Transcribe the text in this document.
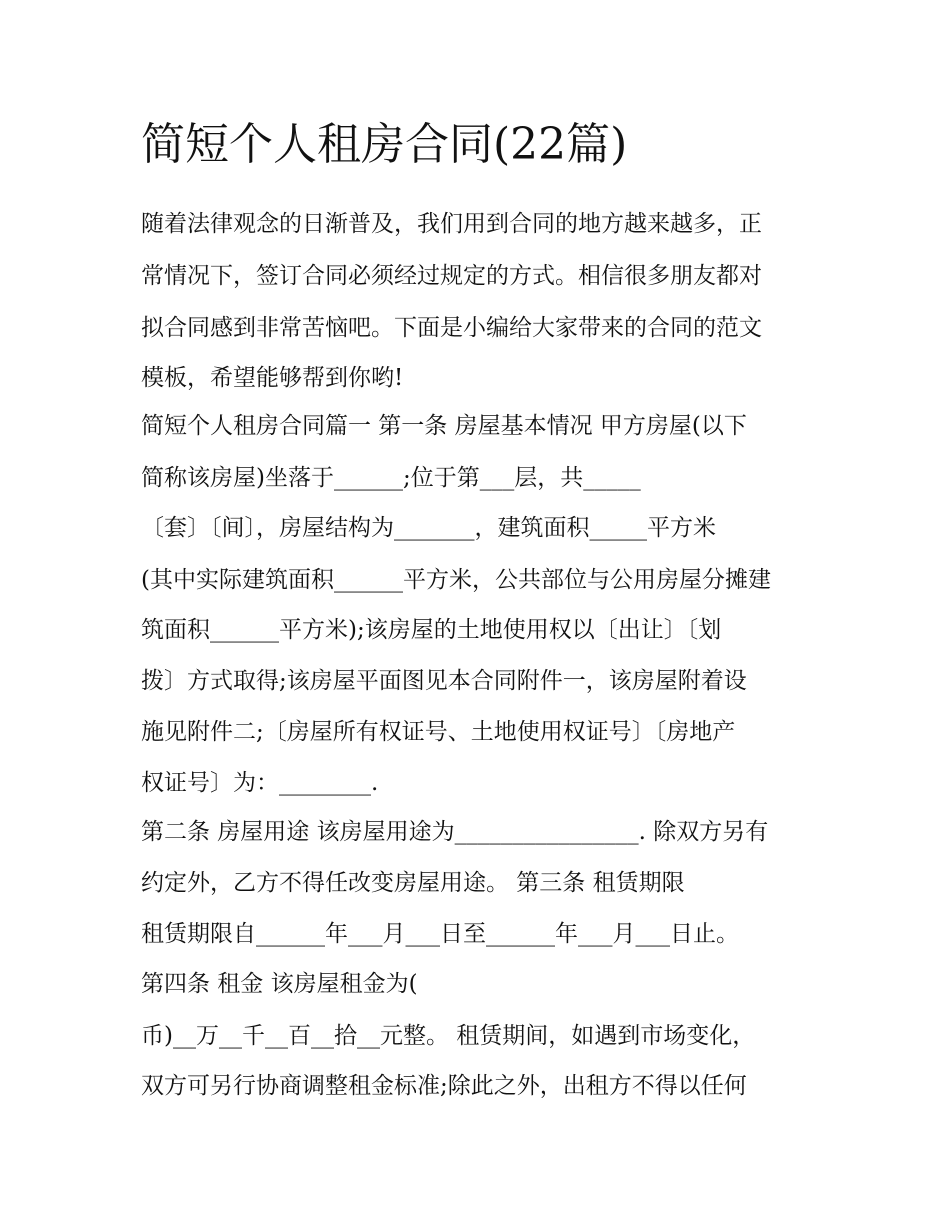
简短个人租房合同(22篇)

随着法律观念的日渐普及，我们用到合同的地方越来越多，正

常情况下，签订合同必须经过规定的方式。相信很多朋友都对

拟合同感到非常苦恼吧。下面是小编给大家带来的合同的范文

模板，希望能够帮到你哟!

简短个人租房合同篇一 第一条 房屋基本情况 甲方房屋(以下

简称该房屋)坐落于______;位于第___层，共_____

〔套〕〔间〕，房屋结构为_______，建筑面积_____平方米

(其中实际建筑面积______平方米，公共部位与公用房屋分摊建

筑面积______平方米);该房屋的土地使用权以〔出让〕〔划

拨〕方式取得;该房屋平面图见本合同附件一，该房屋附着设

施见附件二;〔房屋所有权证号、土地使用权证号〕〔房地产

权证号〕为：________.

第二条 房屋用途 该房屋用途为________________. 除双方另有

约定外，乙方不得任改变房屋用途。 第三条 租赁期限

租赁期限自______年___月___日至______年___月___日止。

第四条 租金 该房屋租金为(

币)__万__千__百__拾__元整。 租赁期间，如遇到市场变化，

双方可另行协商调整租金标准;除此之外，出租方不得以任何
